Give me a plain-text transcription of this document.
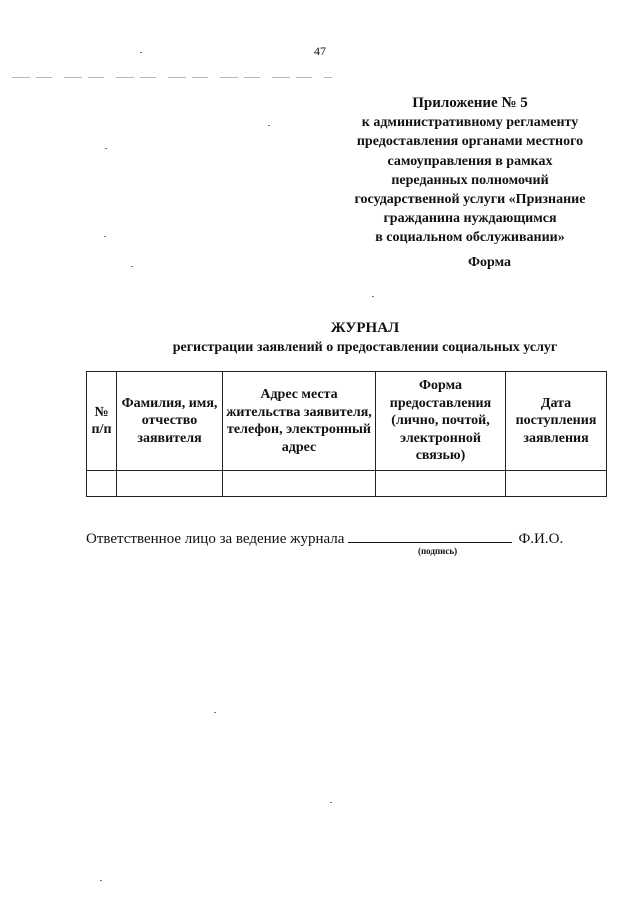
47
Приложение № 5
к административному регламенту
предоставления органами местного
самоуправления в рамках
переданных полномочий
государственной услуги «Признание
гражданина нуждающимся
в социальном обслуживании»
Форма
ЖУРНАЛ
регистрации заявлений о предоставлении социальных услуг
№ п/п	Фамилия, имя, отчество заявителя	Адрес места жительства заявителя, телефон, электронный адрес	Форма предоставления (лично, почтой, электронной связью)	Дата поступления заявления

Ответственное лицо за ведение журнала	Ф.И.О.
(подпись)
